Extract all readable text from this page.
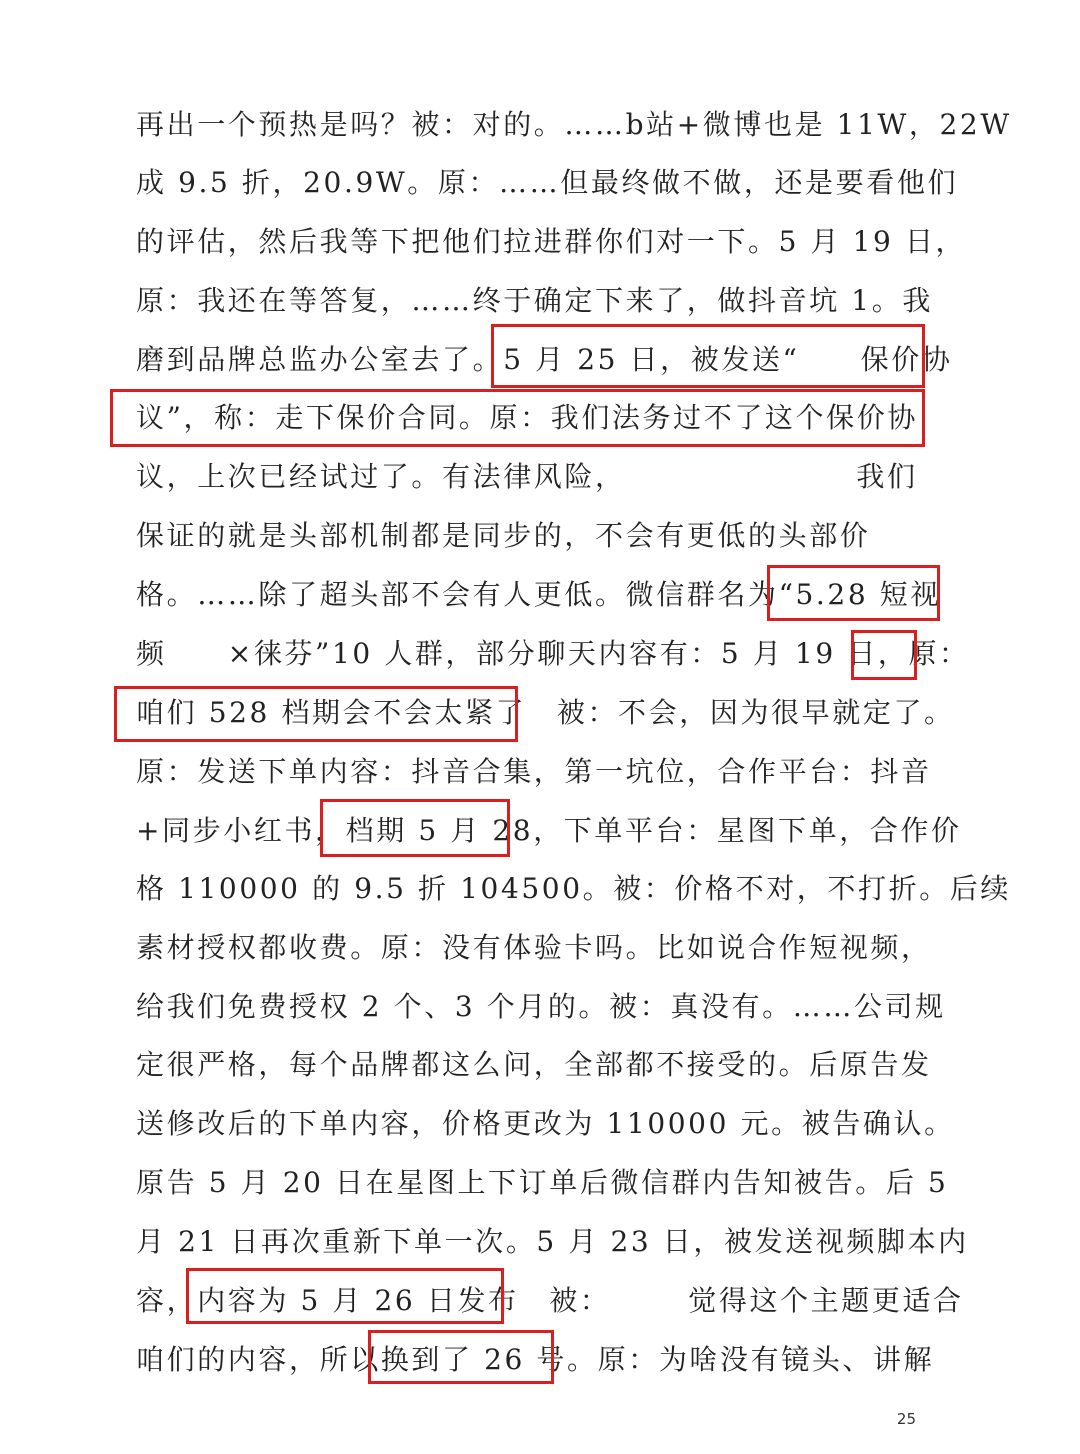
再出一个预热是吗？被：对的。……b站+微博也是 11W，22W
成 9.5 折，20.9W。原：……但最终做不做，还是要看他们
的评估，然后我等下把他们拉进群你们对一下。5 月 19 日，
原：我还在等答复，……终于确定下来了，做抖音坑 1。我
磨到品牌总监办公室去了。5 月 25 日，被发送“　　保价协
议”，称：走下保价合同。原：我们法务过不了这个保价协
议，上次已经试过了。有法律风险，　　　　　　　　我们
保证的就是头部机制都是同步的，不会有更低的头部价
格。……除了超头部不会有人更低。微信群名为“5.28 短视
频　　×徕芬”10 人群，部分聊天内容有：5 月 19 日，原：
咱们 528 档期会不会太紧了　被：不会，因为很早就定了。
原：发送下单内容：抖音合集，第一坑位，合作平台：抖音
+同步小红书，档期 5 月 28，下单平台：星图下单，合作价
格 110000 的 9.5 折 104500。被：价格不对，不打折。后续
素材授权都收费。原：没有体验卡吗。比如说合作短视频，
给我们免费授权 2 个、3 个月的。被：真没有。……公司规
定很严格，每个品牌都这么问，全部都不接受的。后原告发
送修改后的下单内容，价格更改为 110000 元。被告确认。
原告 5 月 20 日在星图上下订单后微信群内告知被告。后 5
月 21 日再次重新下单一次。5 月 23 日，被发送视频脚本内
容，内容为 5 月 26 日发布　被：　　　觉得这个主题更适合
咱们的内容，所以换到了 26 号。原：为啥没有镜头、讲解
25
